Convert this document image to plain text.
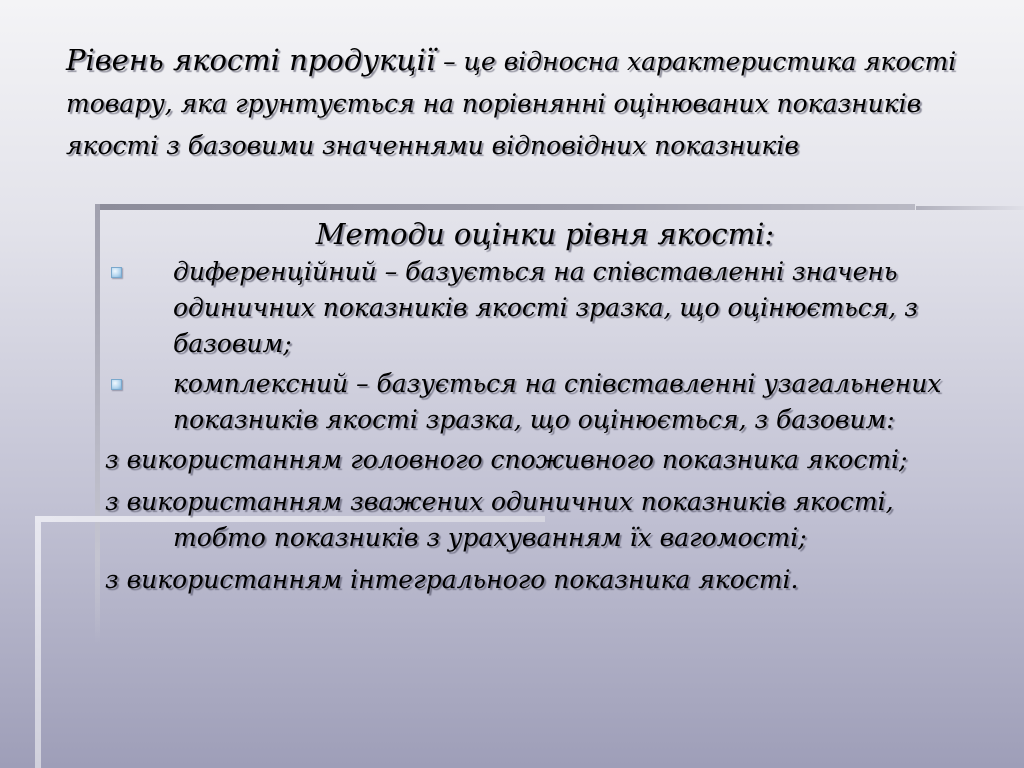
Рівень якості продукції – це відносна характеристика якості товару, яка грунтується на порівнянні оцінюваних показників якості з базовими значеннями відповідних показників
Методи оцінки рівня якості:
диференційний – базується на співставленні значень одиничних показників якості зразка, що оцінюється, з базовим;
комплексний – базується на співставленні узагальнених показників якості зразка, що оцінюється, з базовим:
з використанням головного споживного показника якості;
з використанням зважених одиничних показників якості, тобто показників з урахуванням їх вагомості;
з використанням інтегрального показника якості.
